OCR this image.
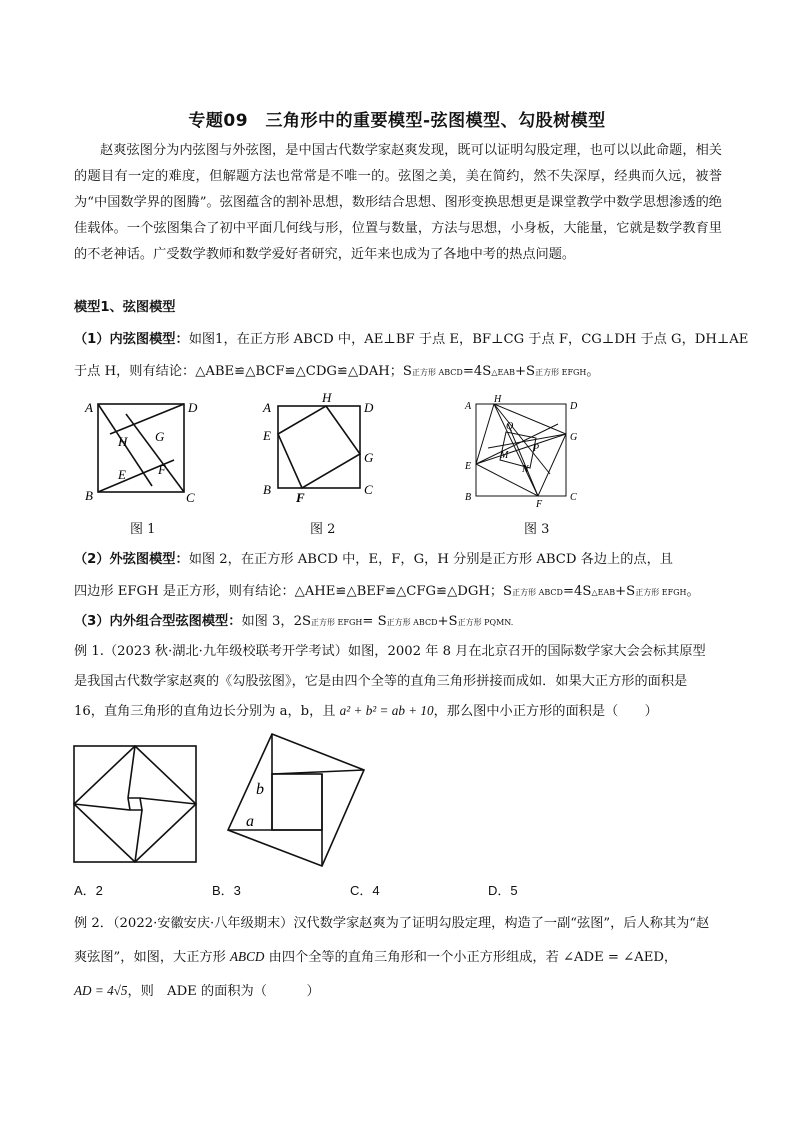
专题09　三角形中的重要模型-弦图模型、勾股树模型
赵爽弦图分为内弦图与外弦图，是中国古代数学家赵爽发现，既可以证明勾股定理，也可以以此命题，相关的题目有一定的难度，但解题方法也常常是不唯一的。弦图之美，美在简约，然不失深厚，经典而久远，被誉为“中国数学界的图腾”。弦图蕴含的割补思想，数形结合思想、图形变换思想更是课堂教学中数学思想渗透的绝佳载体。一个弦图集合了初中平面几何线与形，位置与数量，方法与思想，小身板，大能量，它就是数学教育里的不老神话。广受数学教师和数学爱好者研究，近年来也成为了各地中考的热点问题。
模型1、弦图模型
（1）内弦图模型：如图1，在正方形 ABCD 中，AE⊥BF 于点 E，BF⊥CG 于点 F，CG⊥DH 于点 G，DH⊥AE
于点 H，则有结论：△ABE≌△BCF≌△CDG≌△DAH；S正方形 ABCD=4S△EAB+S正方形 EFGH。
A	D
H G
E F
B	C
A
H
D
E
G
B
F
C
A
H
D
Q
G
P
M
E	N
B
F
C
图 1	图 2	图 3
（2）外弦图模型：如图 2，在正方形 ABCD 中，E，F，G，H 分别是正方形 ABCD 各边上的点，且
四边形 EFGH 是正方形，则有结论：△AHE≌△BEF≌△CFG≌△DGH；S正方形 ABCD=4S△EAB+S正方形 EFGH。
（3）内外组合型弦图模型：如图 3，2S正方形 EFGH= S正方形 ABCD+S正方形 PQMN.
例 1.（2023 秋·湖北·九年级校联考开学考试）如图，2002 年 8 月在北京召开的国际数学家大会会标其原型
是我国古代数学家赵爽的《勾股弦图》，它是由四个全等的直角三角形拼接而成如．如果大正方形的面积是
16，直角三角形的直角边长分别为 a，b，且 a² + b² = ab + 10，那么图中小正方形的面积是（　　）
b
a
A．2	B．3	C．4	D．5
例 2．（2022·安徽安庆·八年级期末）汉代数学家赵爽为了证明勾股定理，构造了一副“弦图”，后人称其为“赵
爽弦图”，如图，大正方形 ABCD 由四个全等的直角三角形和一个小正方形组成，若 ∠ADE = ∠AED，
AD = 4√5，则　ADE 的面积为（　　　）
